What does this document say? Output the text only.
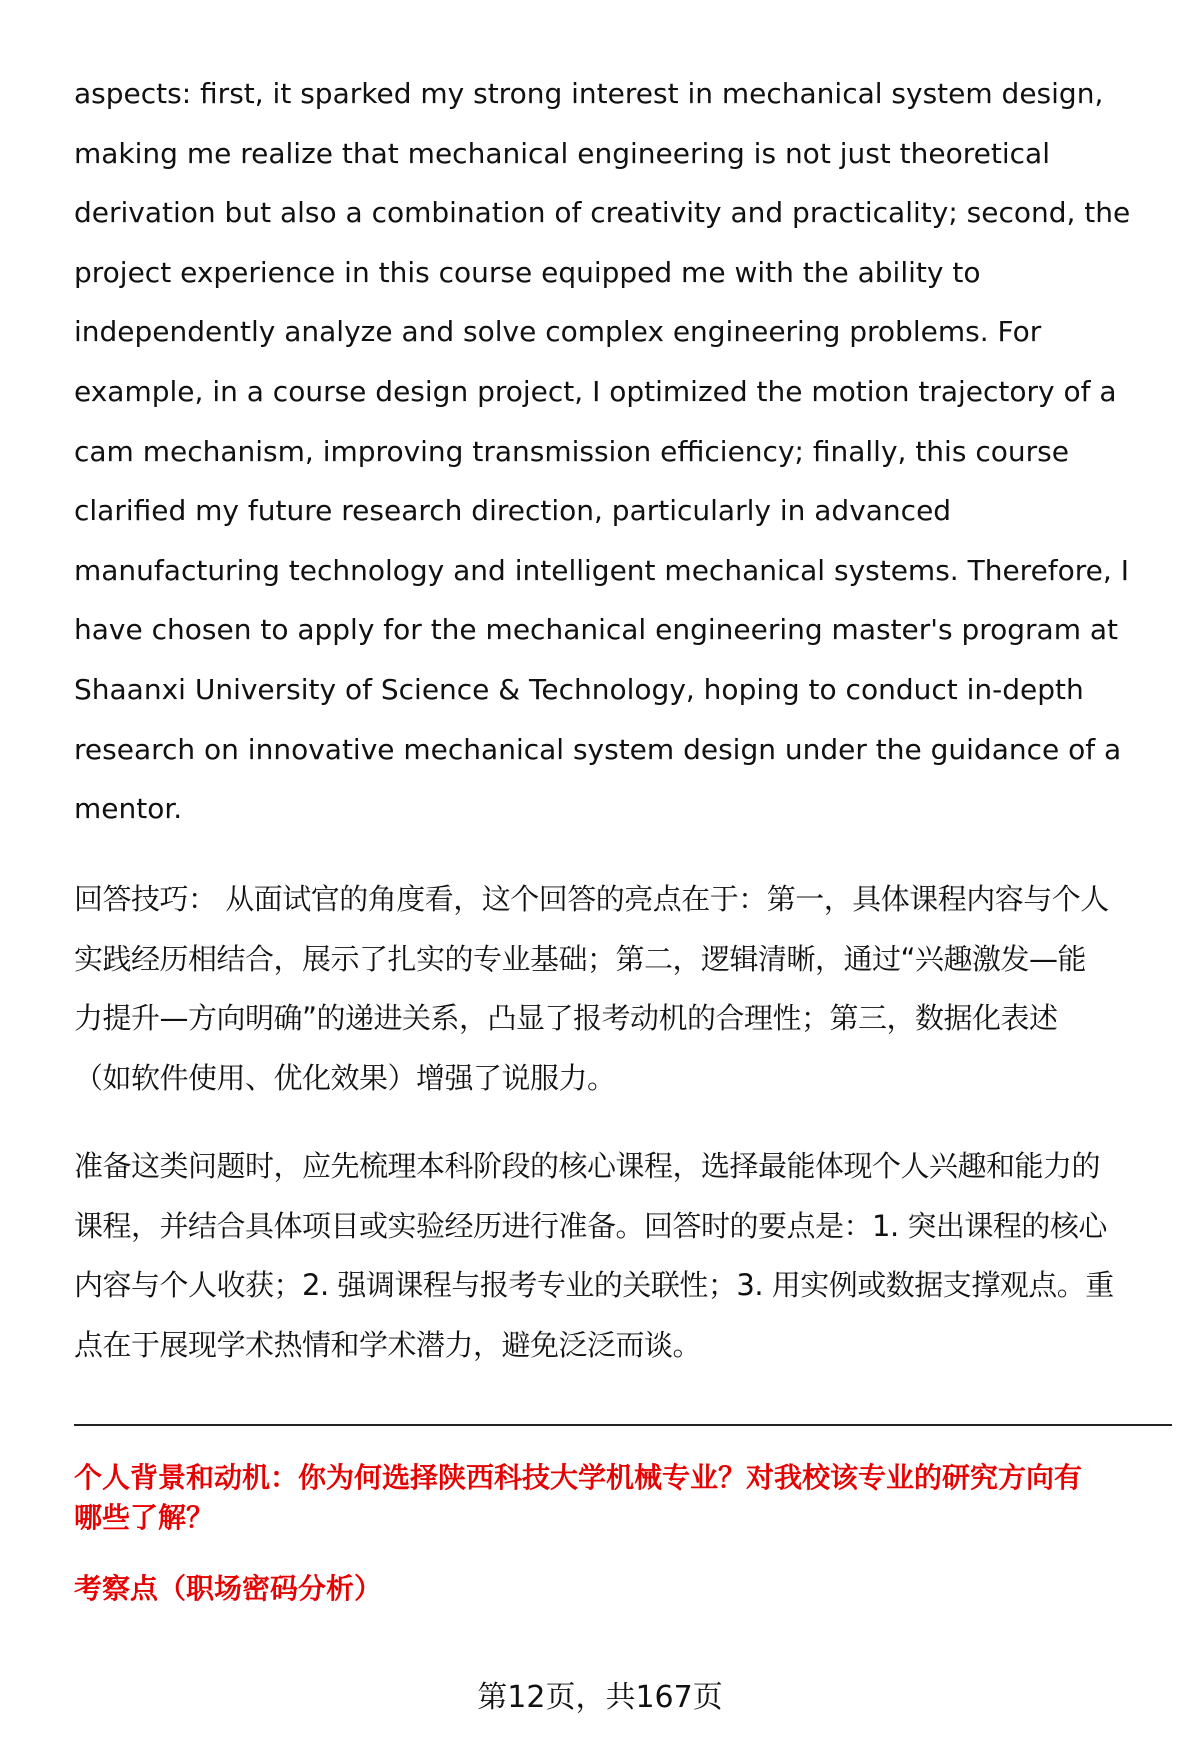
aspects: first, it sparked my strong interest in mechanical system design,
making me realize that mechanical engineering is not just theoretical
derivation but also a combination of creativity and practicality; second, the
project experience in this course equipped me with the ability to
independently analyze and solve complex engineering problems. For
example, in a course design project, I optimized the motion trajectory of a
cam mechanism, improving transmission efficiency; finally, this course
clarified my future research direction, particularly in advanced
manufacturing technology and intelligent mechanical systems. Therefore, I
have chosen to apply for the mechanical engineering master's program at
Shaanxi University of Science & Technology, hoping to conduct in-depth
research on innovative mechanical system design under the guidance of a
mentor.
回答技巧： 从面试官的角度看，这个回答的亮点在于：第一，具体课程内容与个人
实践经历相结合，展示了扎实的专业基础；第二，逻辑清晰，通过“兴趣激发—能
力提升—方向明确”的递进关系，凸显了报考动机的合理性；第三，数据化表述
（如软件使用、优化效果）增强了说服力。
准备这类问题时，应先梳理本科阶段的核心课程，选择最能体现个人兴趣和能力的
课程，并结合具体项目或实验经历进行准备。回答时的要点是：1. 突出课程的核心
内容与个人收获；2. 强调课程与报考专业的关联性；3. 用实例或数据支撑观点。重
点在于展现学术热情和学术潜力，避免泛泛而谈。
个人背景和动机：你为何选择陕西科技大学机械专业？对我校该专业的研究方向有
哪些了解？
考察点（职场密码分析）
第12页，共167页
